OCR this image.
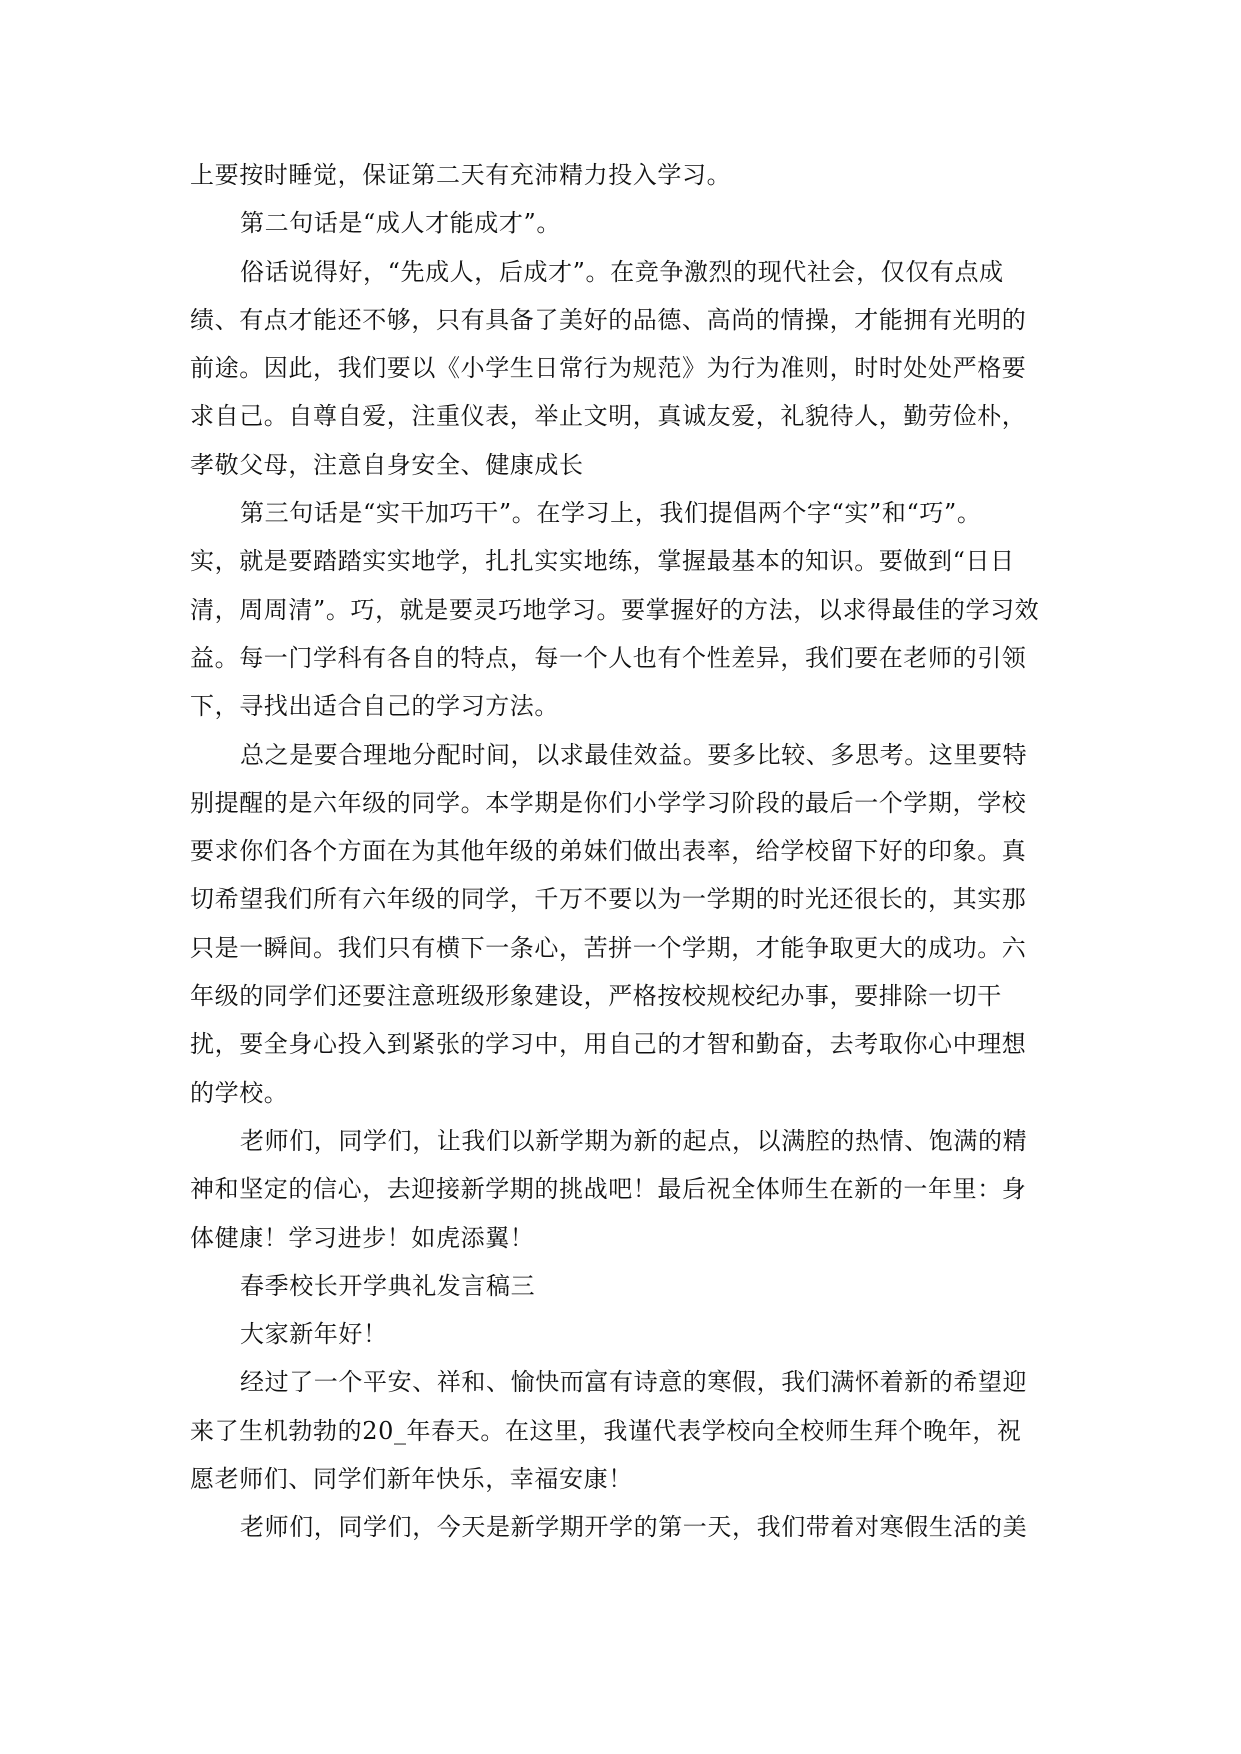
上要按时睡觉，保证第二天有充沛精力投入学习。
第二句话是“成人才能成才”。
俗话说得好，“先成人，后成才”。在竞争激烈的现代社会，仅仅有点成
绩、有点才能还不够，只有具备了美好的品德、高尚的情操，才能拥有光明的
前途。因此，我们要以《小学生日常行为规范》为行为准则，时时处处严格要
求自己。自尊自爱，注重仪表，举止文明，真诚友爱，礼貌待人，勤劳俭朴，
孝敬父母，注意自身安全、健康成长
第三句话是“实干加巧干”。在学习上，我们提倡两个字“实”和“巧”。
实，就是要踏踏实实地学，扎扎实实地练，掌握最基本的知识。要做到“日日
清，周周清”。巧，就是要灵巧地学习。要掌握好的方法，以求得最佳的学习效
益。每一门学科有各自的特点，每一个人也有个性差异，我们要在老师的引领
下，寻找出适合自己的学习方法。
总之是要合理地分配时间，以求最佳效益。要多比较、多思考。这里要特
别提醒的是六年级的同学。本学期是你们小学学习阶段的最后一个学期，学校
要求你们各个方面在为其他年级的弟妹们做出表率，给学校留下好的印象。真
切希望我们所有六年级的同学，千万不要以为一学期的时光还很长的，其实那
只是一瞬间。我们只有横下一条心，苦拼一个学期，才能争取更大的成功。六
年级的同学们还要注意班级形象建设，严格按校规校纪办事，要排除一切干
扰，要全身心投入到紧张的学习中，用自己的才智和勤奋，去考取你心中理想
的学校。
老师们，同学们，让我们以新学期为新的起点，以满腔的热情、饱满的精
神和坚定的信心，去迎接新学期的挑战吧！最后祝全体师生在新的一年里：身
体健康！学习进步！如虎添翼！
春季校长开学典礼发言稿三
大家新年好！
经过了一个平安、祥和、愉快而富有诗意的寒假，我们满怀着新的希望迎
来了生机勃勃的20_年春天。在这里，我谨代表学校向全校师生拜个晚年，祝
愿老师们、同学们新年快乐，幸福安康！
老师们，同学们，今天是新学期开学的第一天，我们带着对寒假生活的美
